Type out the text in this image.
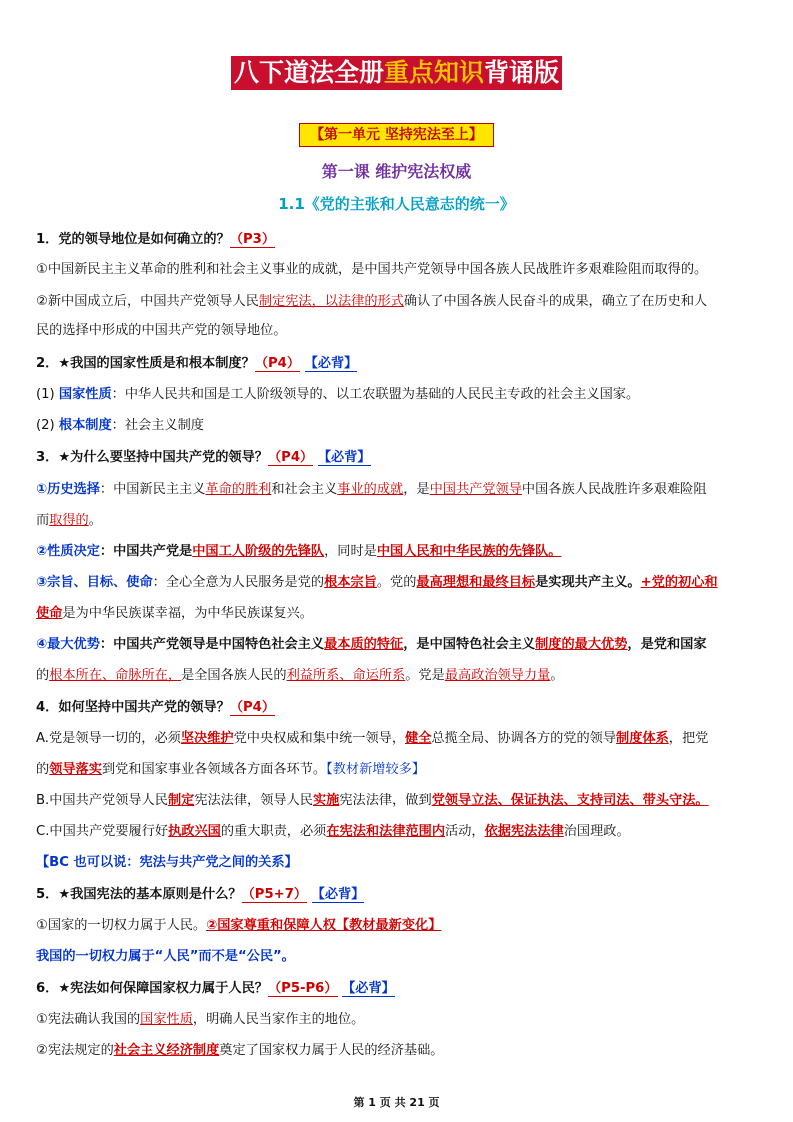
八下道法全册重点知识背诵版
【第一单元 坚持宪法至上】
第一课 维护宪法权威
1.1《党的主张和人民意志的统一》
1．党的领导地位是如何确立的？（P3）
①中国新民主主义革命的胜利和社会主义事业的成就，是中国共产党领导中国各族人民战胜许多艰难险阻而取得的。
②新中国成立后，中国共产党领导人民制定宪法，以法律的形式确认了中国各族人民奋斗的成果，确立了在历史和人
民的选择中形成的中国共产党的领导地位。
2．★我国的国家性质是和根本制度？（P4） 【必背】
(1) 国家性质：中华人民共和国是工人阶级领导的、以工农联盟为基础的人民民主专政的社会主义国家。
(2) 根本制度：社会主义制度
3．★为什么要坚持中国共产党的领导？（P4） 【必背】
①历史选择：中国新民主主义革命的胜利和社会主义事业的成就，是中国共产党领导中国各族人民战胜许多艰难险阻
而取得的。
②性质决定：中国共产党是中国工人阶级的先锋队，同时是中国人民和中华民族的先锋队。
③宗旨、目标、使命：全心全意为人民服务是党的根本宗旨。党的最高理想和最终目标是实现共产主义。+党的初心和
使命是为中华民族谋幸福，为中华民族谋复兴。
④最大优势：中国共产党领导是中国特色社会主义最本质的特征，是中国特色社会主义制度的最大优势，是党和国家
的根本所在、命脉所在，是全国各族人民的利益所系、命运所系。党是最高政治领导力量。
4．如何坚持中国共产党的领导？（P4）
A.党是领导一切的，必须坚决维护党中央权威和集中统一领导，健全总揽全局、协调各方的党的领导制度体系，把党
的领导落实到党和国家事业各领域各方面各环节。【教材新增较多】
B.中国共产党领导人民制定宪法法律，领导人民实施宪法法律，做到党领导立法、保证执法、支持司法、带头守法。
C.中国共产党要履行好执政兴国的重大职责，必须在宪法和法律范围内活动，依据宪法法律治国理政。
【BC 也可以说：宪法与共产党之间的关系】
5．★我国宪法的基本原则是什么？（P5+7） 【必背】
①国家的一切权力属于人民。②国家尊重和保障人权【教材最新变化】
我国的一切权力属于“人民”而不是“公民”。
6．★宪法如何保障国家权力属于人民？（P5-P6） 【必背】
①宪法确认我国的国家性质，明确人民当家作主的地位。
②宪法规定的社会主义经济制度奠定了国家权力属于人民的经济基础。
第 1 页 共 21 页
